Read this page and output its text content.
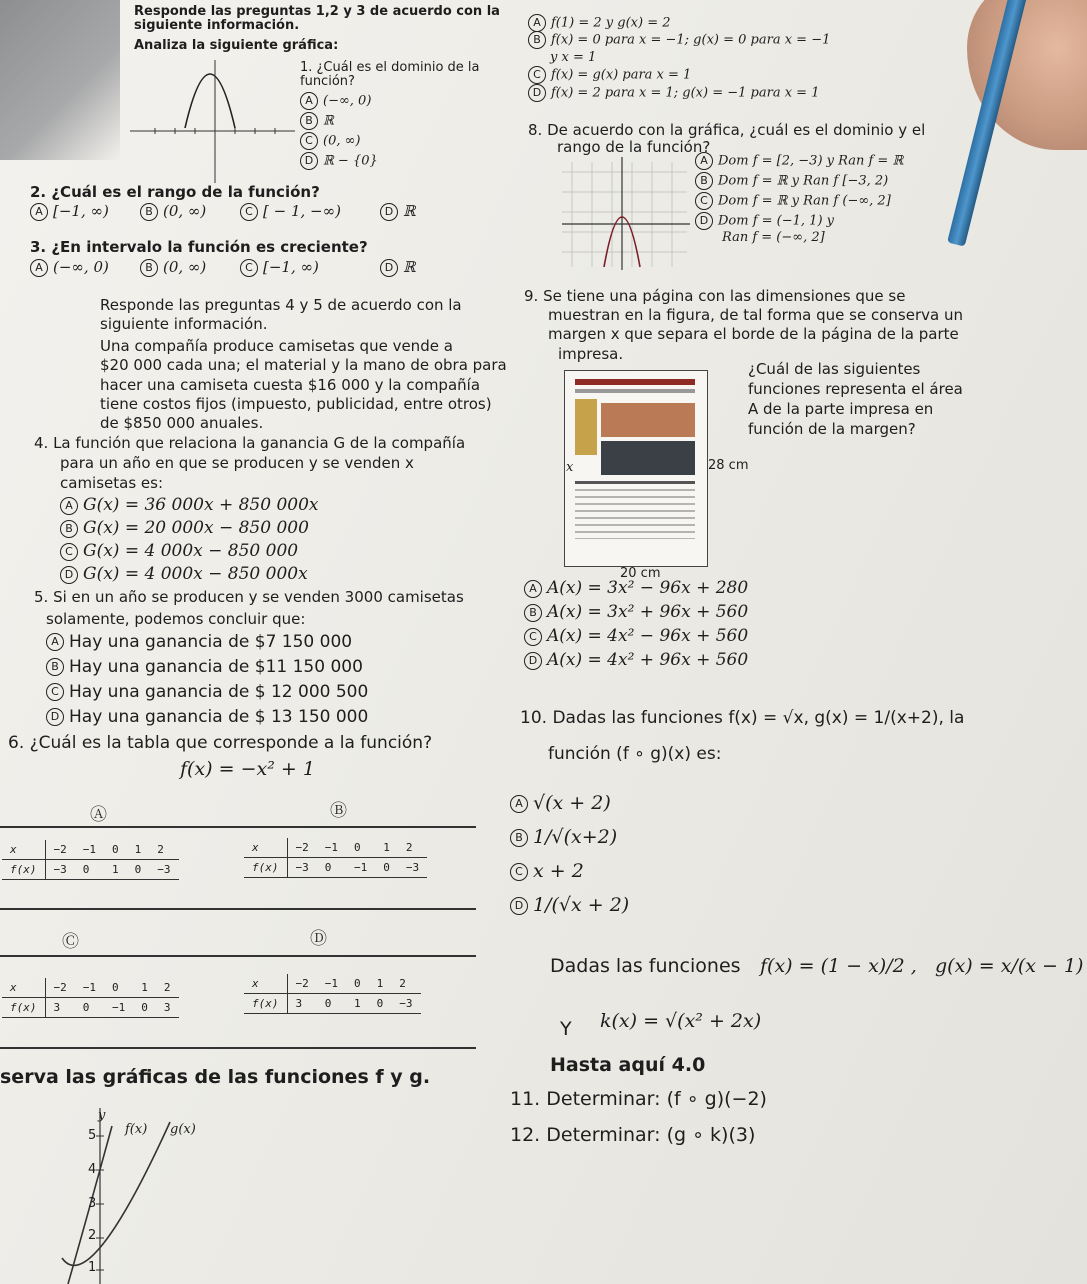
Responde las preguntas 1,2 y 3 de acuerdo con la
siguiente información.
Analiza la siguiente gráfica:
1. ¿Cuál es el dominio de la
función?
A (−∞, 0)
B ℝ
C (0, ∞)
D ℝ − {0}
2. ¿Cuál es el rango de la función?
A [−1, ∞)	B (0, ∞)	C [ − 1, −∞)	D ℝ
3. ¿En intervalo la función es creciente?
A (−∞, 0)	B (0, ∞)	C [−1, ∞)	D ℝ
A f(1) = 2 y g(x) = 2
B f(x) = 0 para x = −1; g(x) = 0 para x = −1
y x = 1
C f(x) = g(x) para x = 1
D f(x) = 2 para x = 1; g(x) = −1 para x = 1
8. De acuerdo con la gráfica, ¿cuál es el dominio y el
rango de la función?
A Dom f = [2, −3) y Ran f = ℝ
B Dom f = ℝ y Ran f [−3, 2)
C Dom f = ℝ y Ran f (−∞, 2]
D Dom f = (−1, 1) y
Ran f = (−∞, 2]
Responde las preguntas 4 y 5 de acuerdo con la
siguiente información.
Una compañía produce camisetas que vende a
$20 000 cada una; el material y la mano de obra para
hacer una camiseta cuesta $16 000 y la compañía
tiene costos fijos (impuesto, publicidad, entre otros)
de $850 000 anuales.
4. La función que relaciona la ganancia G de la compañía
para un año en que se producen y se venden x
camisetas es:
A G(x) = 36 000x + 850 000x
B G(x) = 20 000x − 850 000
C G(x) = 4 000x − 850 000
D G(x) = 4 000x − 850 000x
5. Si en un año se producen y se venden 3000 camisetas
solamente, podemos concluir que:
A Hay una ganancia de $7 150 000
B Hay una ganancia de $11 150 000
C Hay una ganancia de $ 12 000 500
D Hay una ganancia de $ 13 150 000
6. ¿Cuál es la tabla que corresponde a la función?
f(x) = −x² + 1
Ⓐ	Ⓑ
Ⓒ	Ⓓ
x	−2	−1	0	1	2
f(x)	−3	0	1	0	−3
x	−2	−1	0	1	2
f(x)	−3	0	−1	0	−3
x	−2	−1	0	1	2
f(x)	3	0	−1	0	3
x	−2	−1	0	1	2
f(x)	3	0	1	0	−3
9. Se tiene una página con las dimensiones que se
muestran en la figura, de tal forma que se conserva un
margen x que separa el borde de la página de la parte
impresa.
¿Cuál de las siguientes
funciones representa el área
A de la parte impresa en
función de la margen?
28 cm
20 cm
x
A A(x) = 3x² − 96x + 280
B A(x) = 3x² + 96x + 560
C A(x) = 4x² − 96x + 560
D A(x) = 4x² + 96x + 560
10. Dadas las funciones f(x) = √x, g(x) = 1/(x+2), la
función (f ∘ g)(x) es:
A √(x + 2)
B 1/√(x+2)
C x + 2
D 1/(√x + 2)
Dadas las funciones f(x) = (1 − x)/2 , g(x) = x/(x − 1)
Y k(x) = √(x² + 2x)
Hasta aquí 4.0
11. Determinar: (f ∘ g)(−2)
12. Determinar: (g ∘ k)(3)
serva las gráficas de las funciones f y g.
y
f(x) g(x)
5
4
3
2
1
